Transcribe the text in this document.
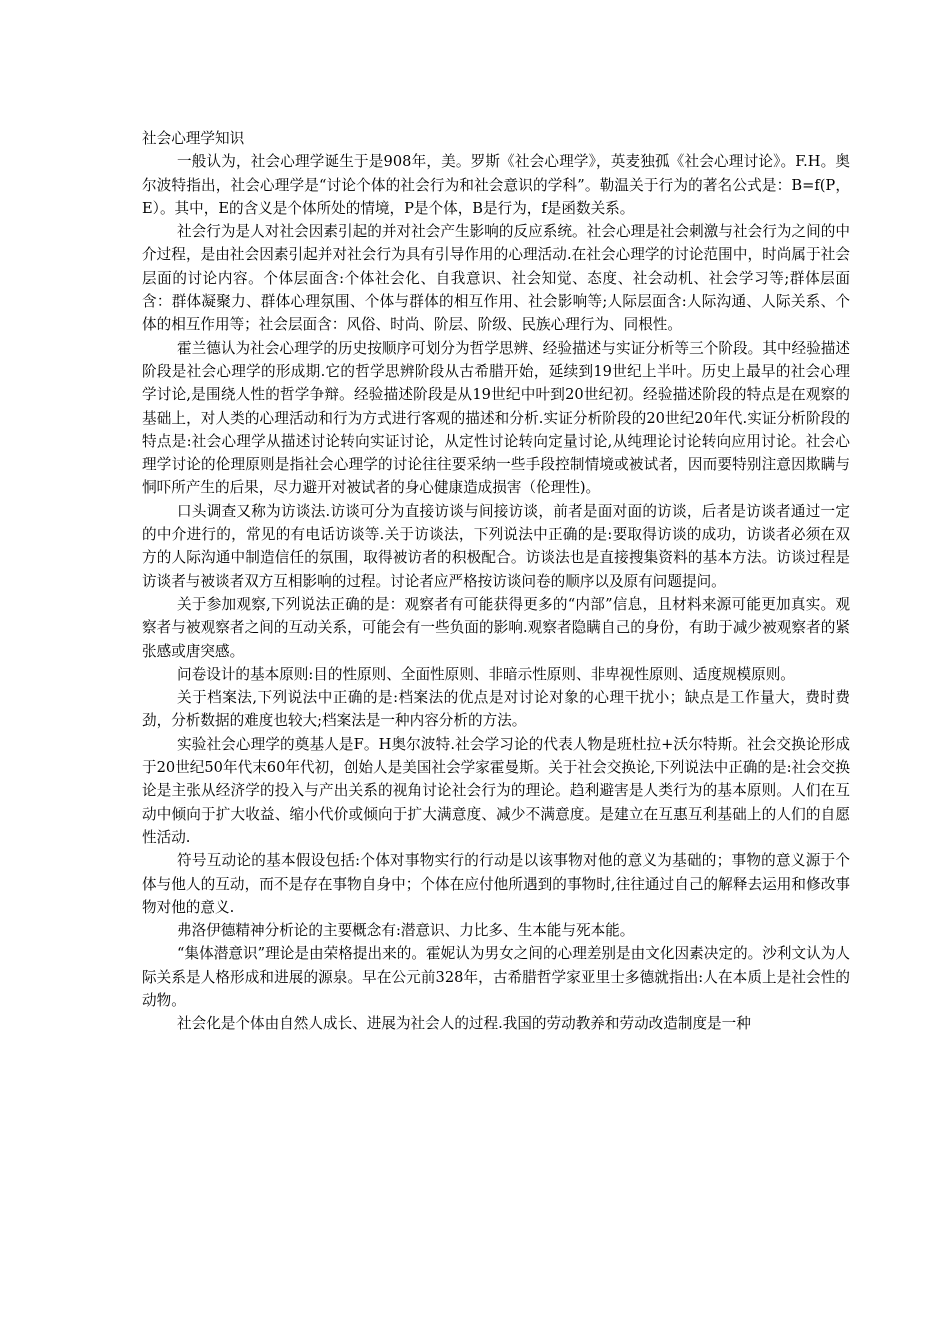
社会心理学知识

一般认为，社会心理学诞生于是908年，美。罗斯《社会心理学》，英麦独孤《社会心理讨论》。F.H。奥尔波特指出，社会心理学是“讨论个体的社会行为和社会意识的学科”。勒温关于行为的著名公式是：B=f(P，E）。其中，E的含义是个体所处的情境，P是个体，B是行为，f是函数关系。

社会行为是人对社会因素引起的并对社会产生影响的反应系统。社会心理是社会刺激与社会行为之间的中介过程，是由社会因素引起并对社会行为具有引导作用的心理活动.在社会心理学的讨论范围中，时尚属于社会层面的讨论内容。个体层面含:个体社会化、自我意识、社会知觉、态度、社会动机、社会学习等;群体层面含：群体凝聚力、群体心理氛围、个体与群体的相互作用、社会影响等;人际层面含:人际沟通、人际关系、个体的相互作用等；社会层面含：风俗、时尚、阶层、阶级、民族心理行为、同根性。

霍兰德认为社会心理学的历史按顺序可划分为哲学思辨、经验描述与实证分析等三个阶段。其中经验描述阶段是社会心理学的形成期.它的哲学思辨阶段从古希腊开始，延续到19世纪上半叶。历史上最早的社会心理学讨论,是围绕人性的哲学争辩。经验描述阶段是从19世纪中叶到20世纪初。经验描述阶段的特点是在观察的基础上，对人类的心理活动和行为方式进行客观的描述和分析.实证分析阶段的20世纪20年代.实证分析阶段的特点是:社会心理学从描述讨论转向实证讨论，从定性讨论转向定量讨论,从纯理论讨论转向应用讨论。社会心理学讨论的伦理原则是指社会心理学的讨论往往要采纳一些手段控制情境或被试者，因而要特别注意因欺瞒与恫吓所产生的后果，尽力避开对被试者的身心健康造成损害（伦理性)。

口头调查又称为访谈法.访谈可分为直接访谈与间接访谈，前者是面对面的访谈，后者是访谈者通过一定的中介进行的，常见的有电话访谈等.关于访谈法，下列说法中正确的是:要取得访谈的成功，访谈者必须在双方的人际沟通中制造信任的氛围，取得被访者的积极配合。访谈法也是直接搜集资料的基本方法。访谈过程是访谈者与被谈者双方互相影响的过程。讨论者应严格按访谈问卷的顺序以及原有问题提问。

关于参加观察,下列说法正确的是：观察者有可能获得更多的“内部”信息，且材料来源可能更加真实。观察者与被观察者之间的互动关系，可能会有一些负面的影响.观察者隐瞒自己的身份，有助于减少被观察者的紧张感或唐突感。

问卷设计的基本原则:目的性原则、全面性原则、非暗示性原则、非卑视性原则、适度规模原则。

关于档案法,下列说法中正确的是:档案法的优点是对讨论对象的心理干扰小；缺点是工作量大，费时费劲，分析数据的难度也较大;档案法是一种内容分析的方法。

实验社会心理学的奠基人是F。H奥尔波特.社会学习论的代表人物是班杜拉+沃尔特斯。社会交换论形成于20世纪50年代末60年代初，创始人是美国社会学家霍曼斯。关于社会交换论,下列说法中正确的是:社会交换论是主张从经济学的投入与产出关系的视角讨论社会行为的理论。趋利避害是人类行为的基本原则。人们在互动中倾向于扩大收益、缩小代价或倾向于扩大满意度、减少不满意度。是建立在互惠互利基础上的人们的自愿性活动.

符号互动论的基本假设包括:个体对事物实行的行动是以该事物对他的意义为基础的；事物的意义源于个体与他人的互动，而不是存在事物自身中；个体在应付他所遇到的事物时,往往通过自己的解释去运用和修改事物对他的意义.

弗洛伊德精神分析论的主要概念有:潜意识、力比多、生本能与死本能。

“集体潜意识”理论是由荣格提出来的。霍妮认为男女之间的心理差别是由文化因素决定的。沙利文认为人际关系是人格形成和进展的源泉。早在公元前328年，古希腊哲学家亚里士多德就指出:人在本质上是社会性的动物。

社会化是个体由自然人成长、进展为社会人的过程.我国的劳动教养和劳动改造制度是一种
